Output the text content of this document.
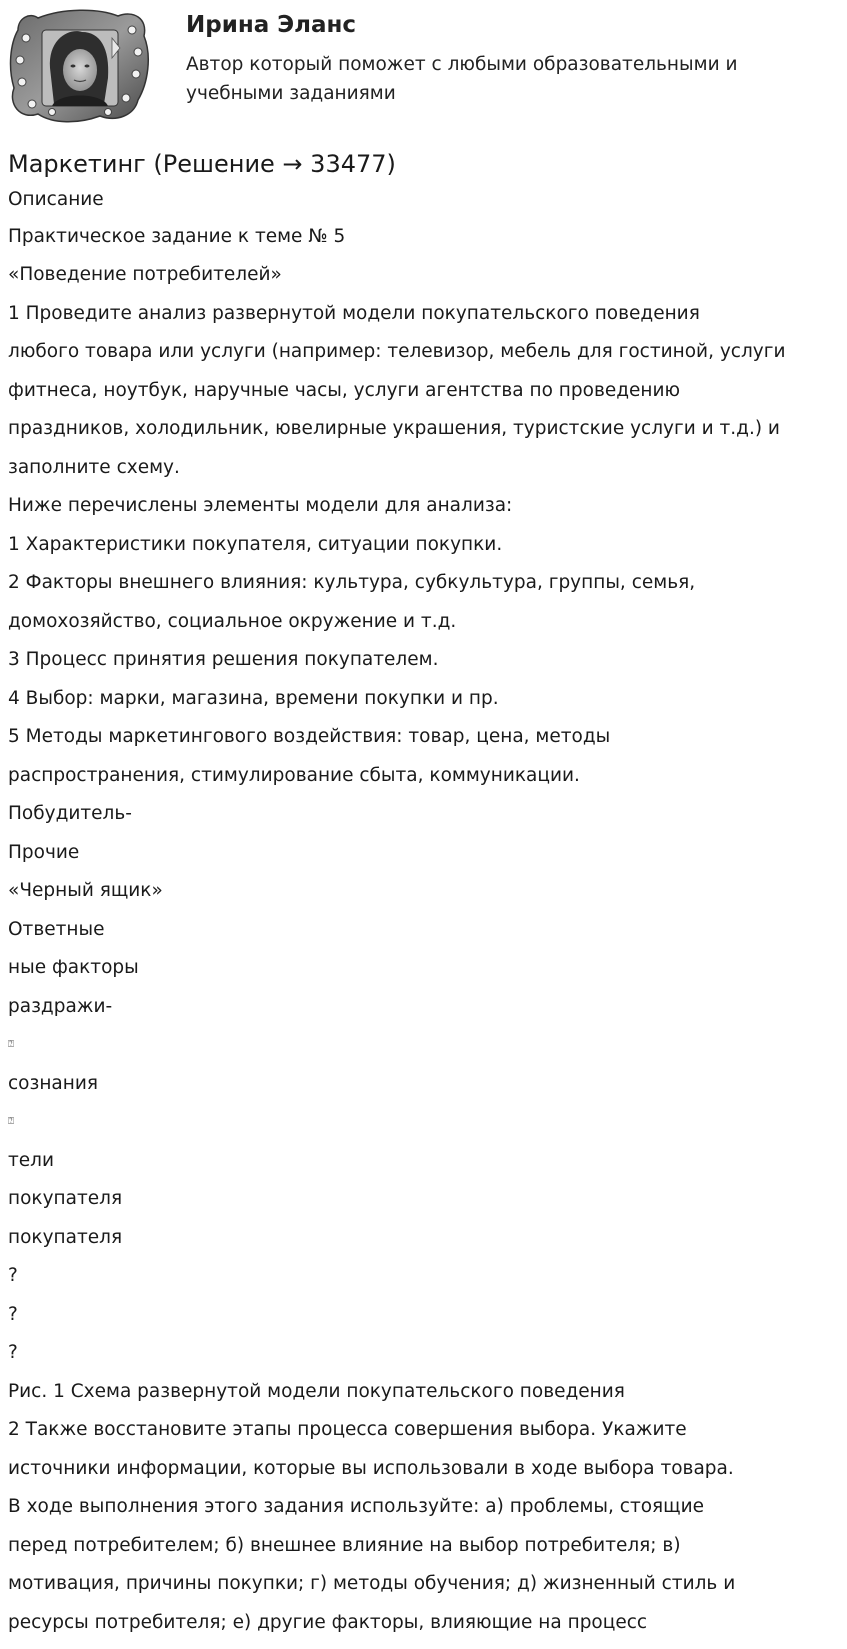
Ирина Эланс
Автор который поможет с любыми образовательными и учебными заданиями
Маркетинг (Решение → 33477)
Описание
Практическое задание к теме № 5
«Поведение потребителей»
1 Проведите анализ развернутой модели покупательского поведения
любого товара или услуги (например: телевизор, мебель для гостиной, услуги
фитнеса, ноутбук, наручные часы, услуги агентства по проведению
праздников, холодильник, ювелирные украшения, туристские услуги и т.д.) и
заполните схему.
Ниже перечислены элементы модели для анализа:
1 Характеристики покупателя, ситуации покупки.
2 Факторы внешнего влияния: культура, субкультура, группы, семья,
домохозяйство, социальное окружение и т.д.
3 Процесс принятия решения покупателем.
4 Выбор: марки, магазина, времени покупки и пр.
5 Методы маркетингового воздействия: товар, цена, методы
распространения, стимулирование сбыта, коммуникации.
Побудитель-
Прочие
«Черный ящик»
Ответные
ные факторы
раздражи-
⍰
сознания
⍰
тели
покупателя
покупателя
?
?
?
Рис. 1 Схема развернутой модели покупательского поведения
2 Также восстановите этапы процесса совершения выбора. Укажите
источники информации, которые вы использовали в ходе выбора товара.
В ходе выполнения этого задания используйте: а) проблемы, стоящие
перед потребителем; б) внешнее влияние на выбор потребителя; в)
мотивация, причины покупки; г) методы обучения; д) жизненный стиль и
ресурсы потребителя; е) другие факторы, влияющие на процесс
